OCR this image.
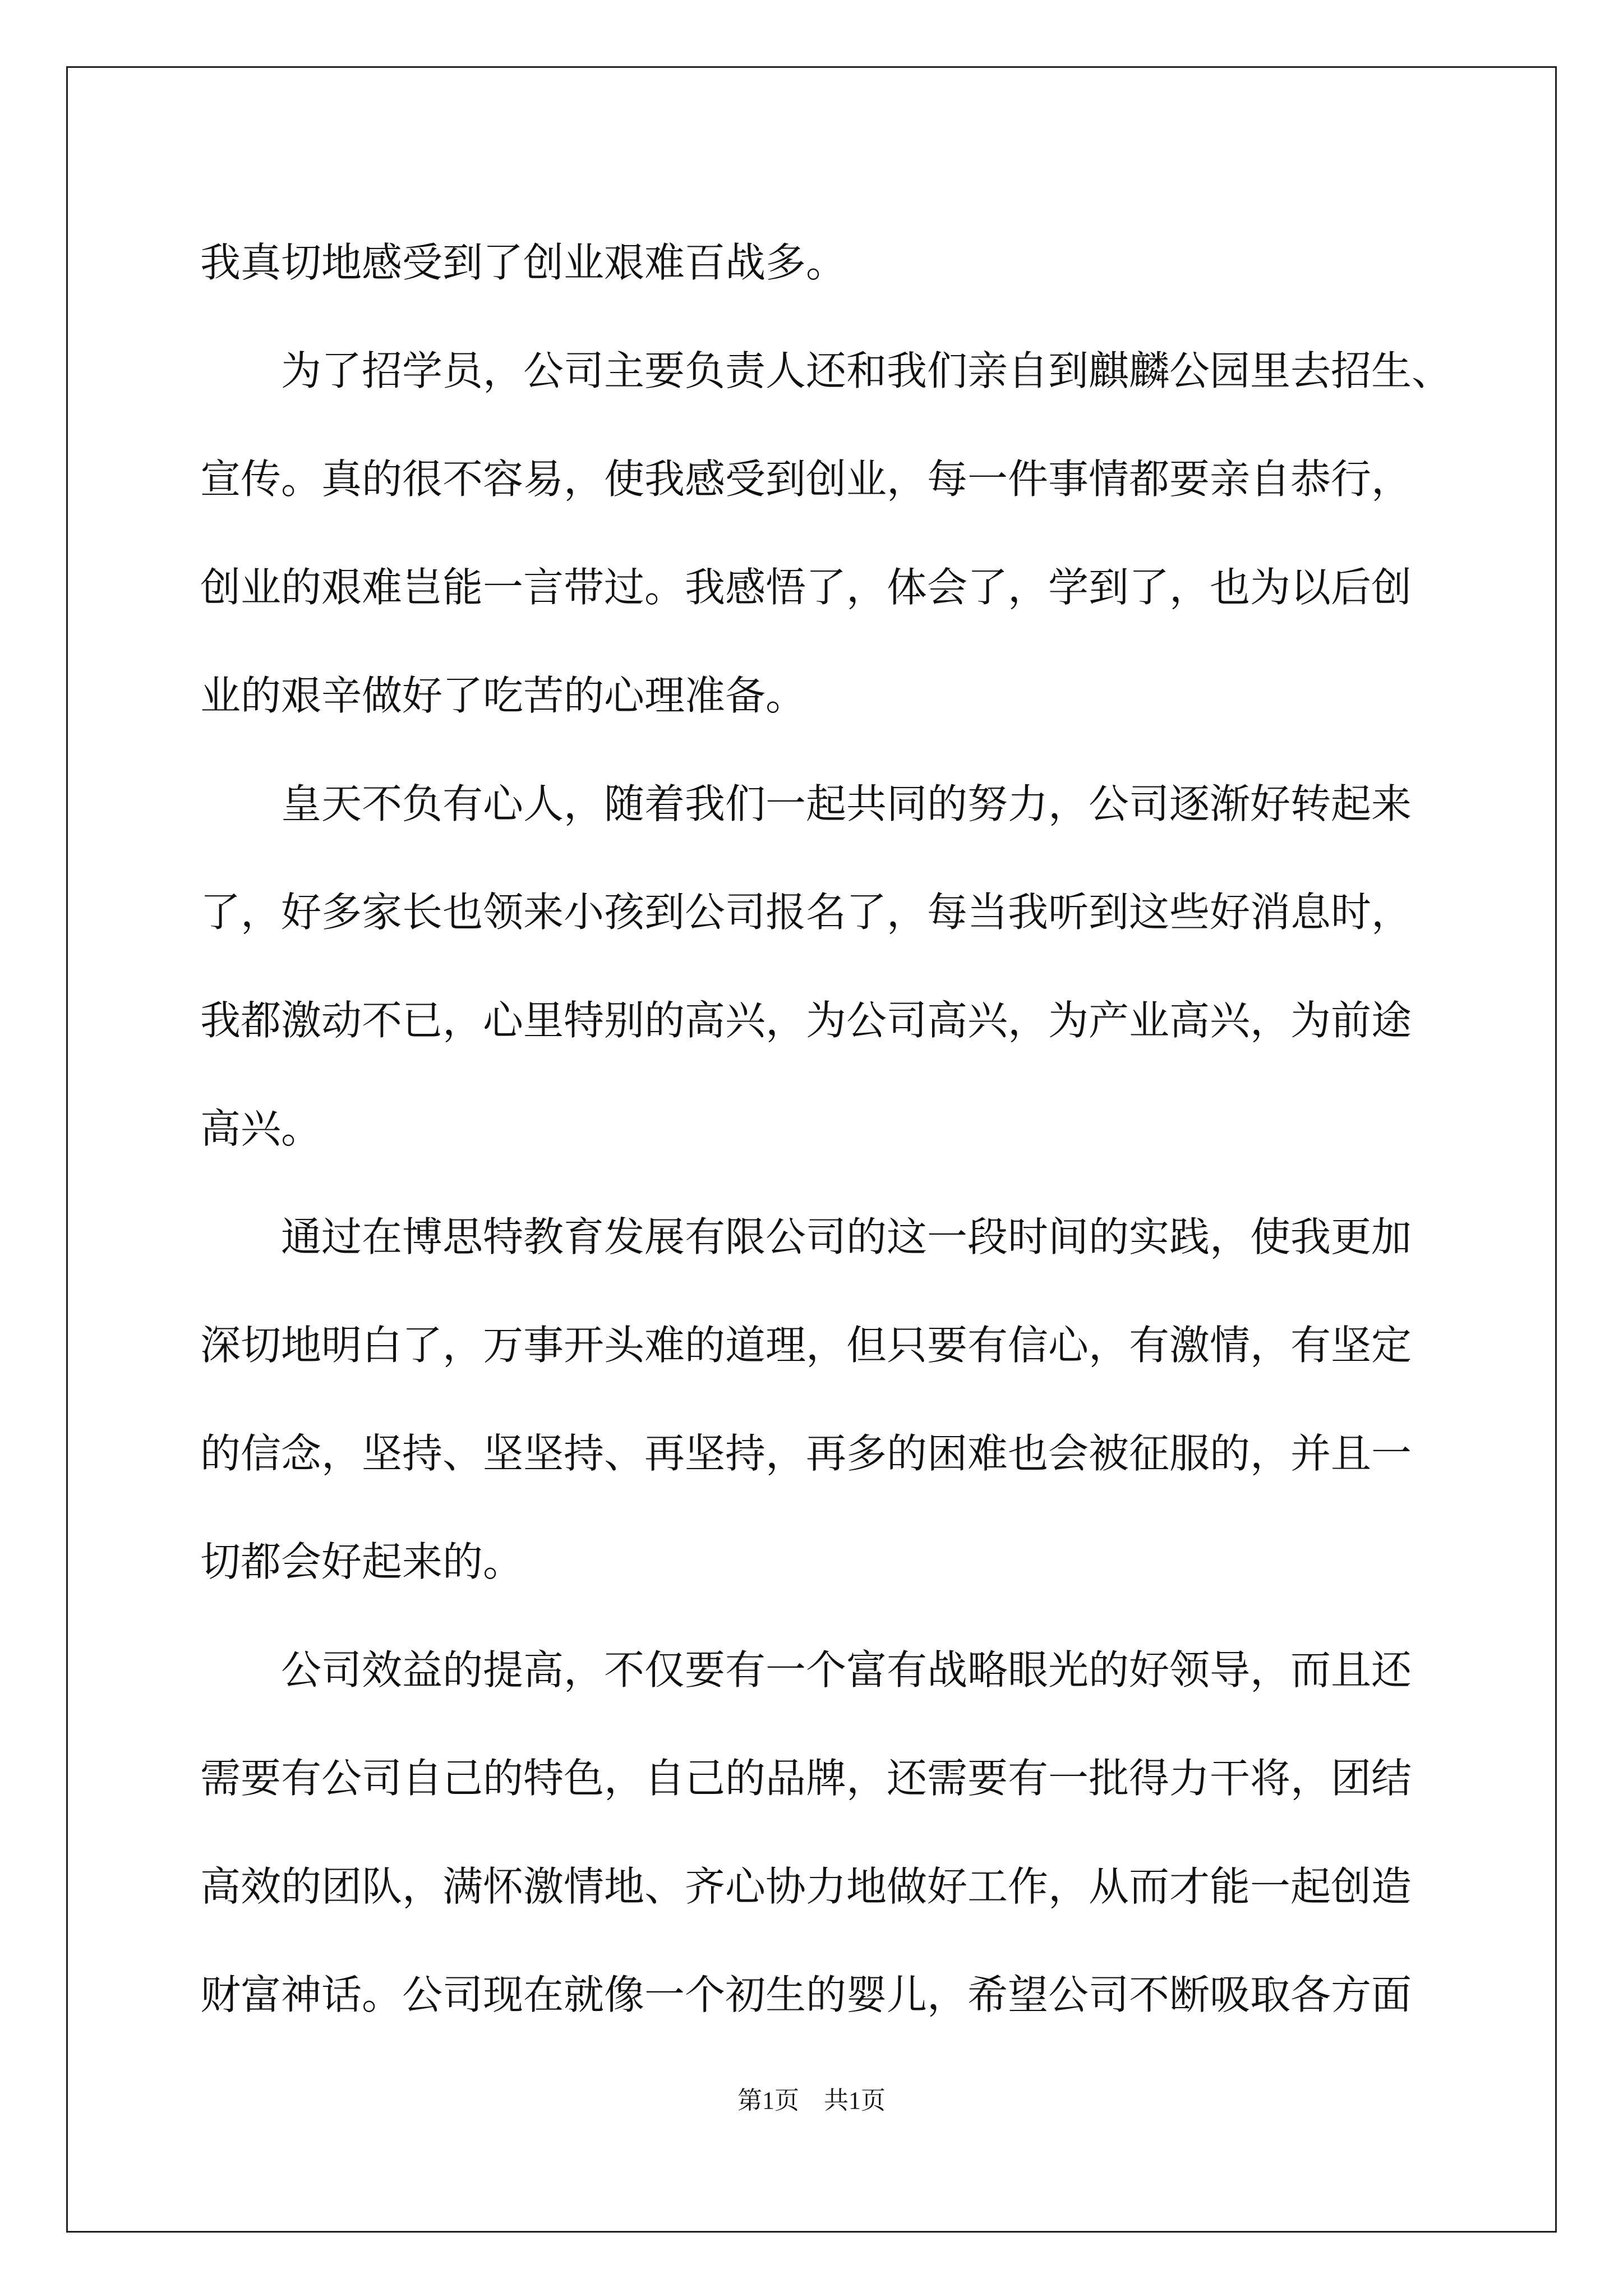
我真切地感受到了创业艰难百战多。
为了招学员，公司主要负责人还和我们亲自到麒麟公园里去招生、
宣传。真的很不容易，使我感受到创业，每一件事情都要亲自恭行，
创业的艰难岂能一言带过。我感悟了，体会了，学到了，也为以后创
业的艰辛做好了吃苦的心理准备。
皇天不负有心人，随着我们一起共同的努力，公司逐渐好转起来
了，好多家长也领来小孩到公司报名了，每当我听到这些好消息时，
我都激动不已，心里特别的高兴，为公司高兴，为产业高兴，为前途
高兴。
通过在博思特教育发展有限公司的这一段时间的实践，使我更加
深切地明白了，万事开头难的道理，但只要有信心，有激情，有坚定
的信念，坚持、坚坚持、再坚持，再多的困难也会被征服的，并且一
切都会好起来的。
公司效益的提高，不仅要有一个富有战略眼光的好领导，而且还
需要有公司自己的特色，自己的品牌，还需要有一批得力干将，团结
高效的团队，满怀激情地、齐心协力地做好工作，从而才能一起创造
财富神话。公司现在就像一个初生的婴儿，希望公司不断吸取各方面
第1页　共1页
